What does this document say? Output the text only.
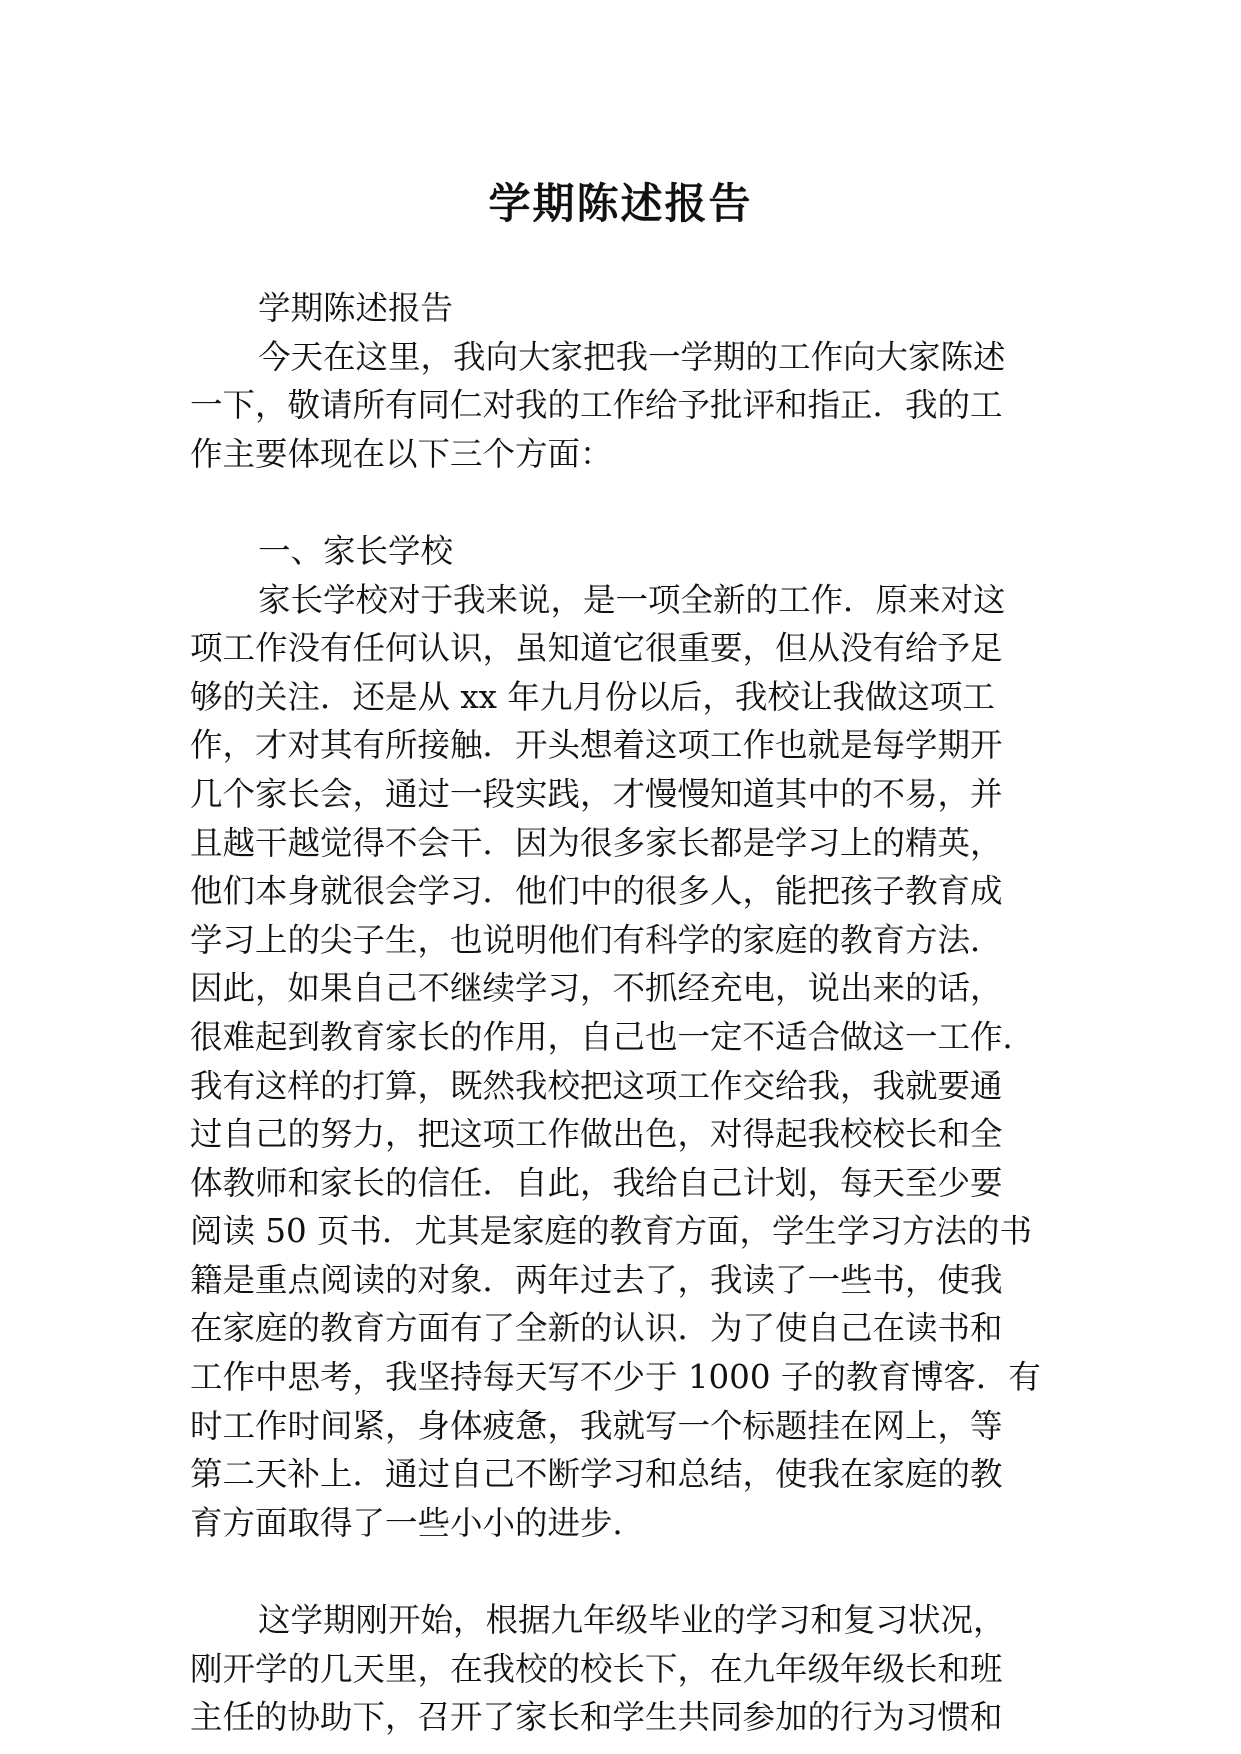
学期陈述报告
学期陈述报告
今天在这里，我向大家把我一学期的工作向大家陈述
一下，敬请所有同仁对我的工作给予批评和指正．我的工
作主要体现在以下三个方面：
一、家长学校
家长学校对于我来说，是一项全新的工作．原来对这
项工作没有任何认识，虽知道它很重要，但从没有给予足
够的关注．还是从 xx 年九月份以后，我校让我做这项工
作，才对其有所接触．开头想着这项工作也就是每学期开
几个家长会，通过一段实践，才慢慢知道其中的不易，并
且越干越觉得不会干．因为很多家长都是学习上的精英，
他们本身就很会学习．他们中的很多人，能把孩子教育成
学习上的尖子生，也说明他们有科学的家庭的教育方法．
因此，如果自己不继续学习，不抓经充电，说出来的话，
很难起到教育家长的作用，自己也一定不适合做这一工作．
我有这样的打算，既然我校把这项工作交给我，我就要通
过自己的努力，把这项工作做出色，对得起我校校长和全
体教师和家长的信任．自此，我给自己计划，每天至少要
阅读 50 页书．尤其是家庭的教育方面，学生学习方法的书
籍是重点阅读的对象．两年过去了，我读了一些书，使我
在家庭的教育方面有了全新的认识．为了使自己在读书和
工作中思考，我坚持每天写不少于 1000 子的教育博客．有
时工作时间紧，身体疲惫，我就写一个标题挂在网上，等
第二天补上．通过自己不断学习和总结，使我在家庭的教
育方面取得了一些小小的进步．
这学期刚开始，根据九年级毕业的学习和复习状况，
刚开学的几天里，在我校的校长下，在九年级年级长和班
主任的协助下，召开了家长和学生共同参加的行为习惯和
